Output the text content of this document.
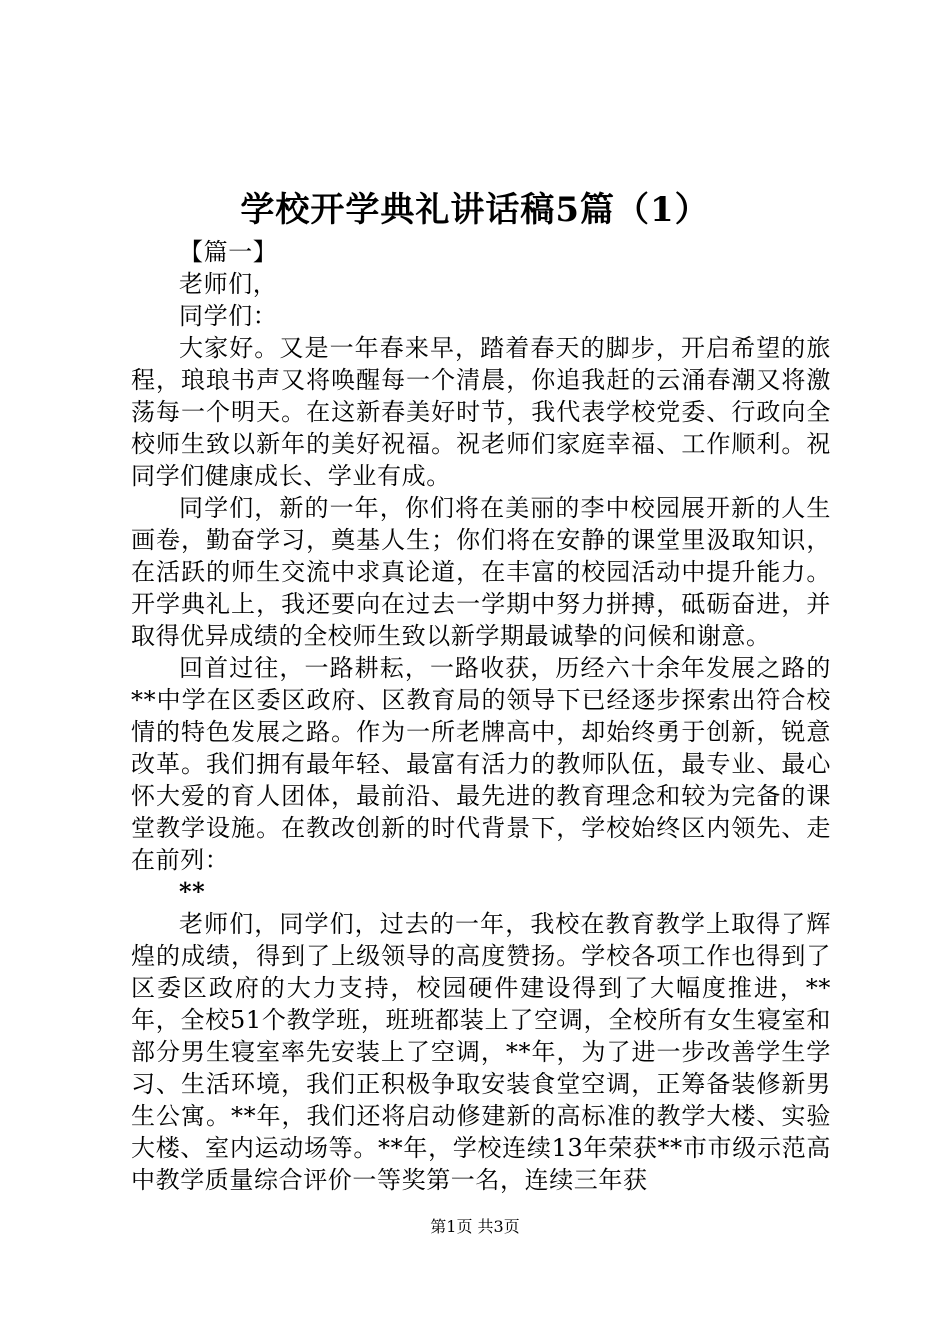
学校开学典礼讲话稿5篇（1）

【篇一】

老师们，

同学们：

大家好。又是一年春来早，踏着春天的脚步，开启希望的旅程，琅琅书声又将唤醒每一个清晨，你追我赶的云涌春潮又将激荡每一个明天。在这新春美好时节，我代表学校党委、行政向全校师生致以新年的美好祝福。祝老师们家庭幸福、工作顺利。祝同学们健康成长、学业有成。

同学们，新的一年，你们将在美丽的李中校园展开新的人生画卷，勤奋学习，奠基人生；你们将在安静的课堂里汲取知识，在活跃的师生交流中求真论道，在丰富的校园活动中提升能力。开学典礼上，我还要向在过去一学期中努力拼搏，砥砺奋进，并取得优异成绩的全校师生致以新学期最诚挚的问候和谢意。

回首过往，一路耕耘，一路收获，历经六十余年发展之路的**中学在区委区政府、区教育局的领导下已经逐步探索出符合校情的特色发展之路。作为一所老牌高中，却始终勇于创新，锐意改革。我们拥有最年轻、最富有活力的教师队伍，最专业、最心怀大爱的育人团体，最前沿、最先进的教育理念和较为完备的课堂教学设施。在教改创新的时代背景下，学校始终区内领先、走在前列：

**

老师们，同学们，过去的一年，我校在教育教学上取得了辉煌的成绩，得到了上级领导的高度赞扬。学校各项工作也得到了区委区政府的大力支持，校园硬件建设得到了大幅度推进，**年，全校51个教学班，班班都装上了空调，全校所有女生寝室和部分男生寝室率先安装上了空调，**年，为了进一步改善学生学习、生活环境，我们正积极争取安装食堂空调，正筹备装修新男生公寓。**年，我们还将启动修建新的高标准的教学大楼、实验大楼、室内运动场等。**年，学校连续13年荣获**市市级示范高中教学质量综合评价一等奖第一名，连续三年获

第1页 共3页
